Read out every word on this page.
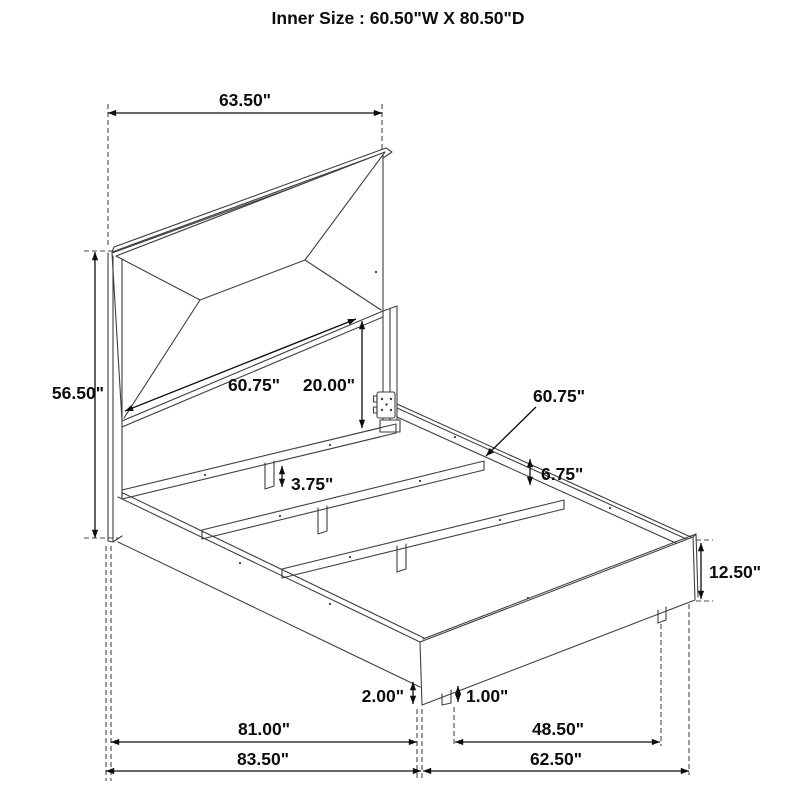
63.50"
56.50"	60.75" 20.00"
60.75"
6.75"
3.75"
12.50"
2.00"	1.00"
81.00"	48.50"
83.50"	62.50"
Inner Size : 60.50"W X 80.50"D
